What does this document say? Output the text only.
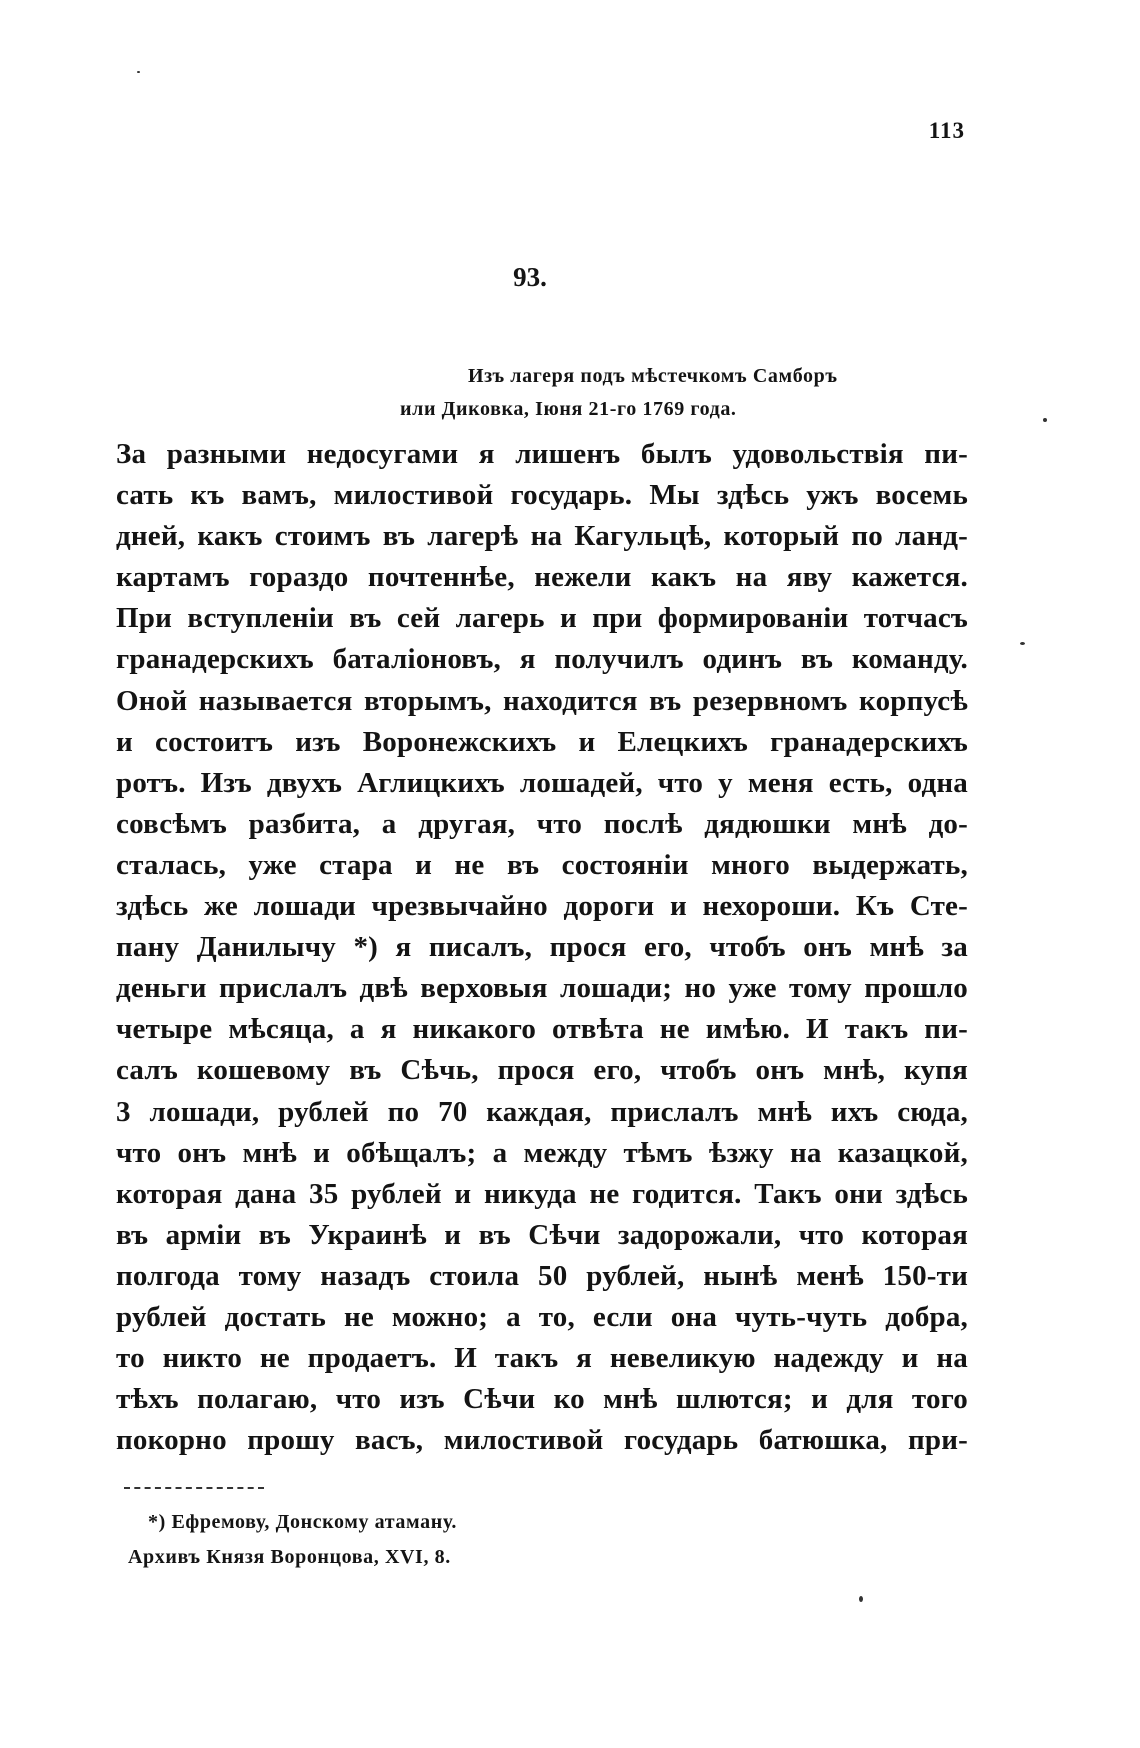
113
93.
Изъ лагеря подъ мѣстечкомъ Самборъ
или Диковка, Іюня 21-го 1769 года.
За разными недосугами я лишенъ былъ удовольствія пи-
сать къ вамъ, милостивой государь. Мы здѣсь ужъ восемь
дней, какъ стоимъ въ лагерѣ на Кагульцѣ, который по ланд-
картамъ гораздо почтеннѣе, нежели какъ на яву кажется.
При вступленіи въ сей лагерь и при формированіи тотчасъ
гранадерскихъ баталіоновъ, я получилъ одинъ въ команду.
Оной называется вторымъ, находится въ резервномъ корпусѣ
и состоитъ изъ Воронежскихъ и Елецкихъ гранадерскихъ
ротъ. Изъ двухъ Аглицкихъ лошадей, что у меня есть, одна
совсѣмъ разбита, а другая, что послѣ дядюшки мнѣ до-
сталась, уже стара и не въ состояніи много выдержать,
здѣсь же лошади чрезвычайно дороги и нехороши. Къ Сте-
пану Данилычу *) я писалъ, прося его, чтобъ онъ мнѣ за
деньги прислалъ двѣ верховыя лошади; но уже тому прошло
четыре мѣсяца, а я никакого отвѣта не имѣю. И такъ пи-
салъ кошевому въ Сѣчь, прося его, чтобъ онъ мнѣ, купя
3 лошади, рублей по 70 каждая, прислалъ мнѣ ихъ сюда,
что онъ мнѣ и обѣщалъ; а между тѣмъ ѣзжу на казацкой,
которая дана 35 рублей и никуда не годится. Такъ они здѣсь
въ арміи въ Украинѣ и въ Сѣчи задорожали, что которая
полгода тому назадъ стоила 50 рублей, нынѣ менѣ 150-ти
рублей достать не можно; а то, если она чуть-чуть добра,
то никто не продаетъ. И такъ я невеликую надежду и на
тѣхъ полагаю, что изъ Сѣчи ко мнѣ шлются; и для того
покорно прошу васъ, милостивой государь батюшка, при-
*) Ефремову, Донскому атаману.
Архивъ Князя Воронцова, XVI, 8.
